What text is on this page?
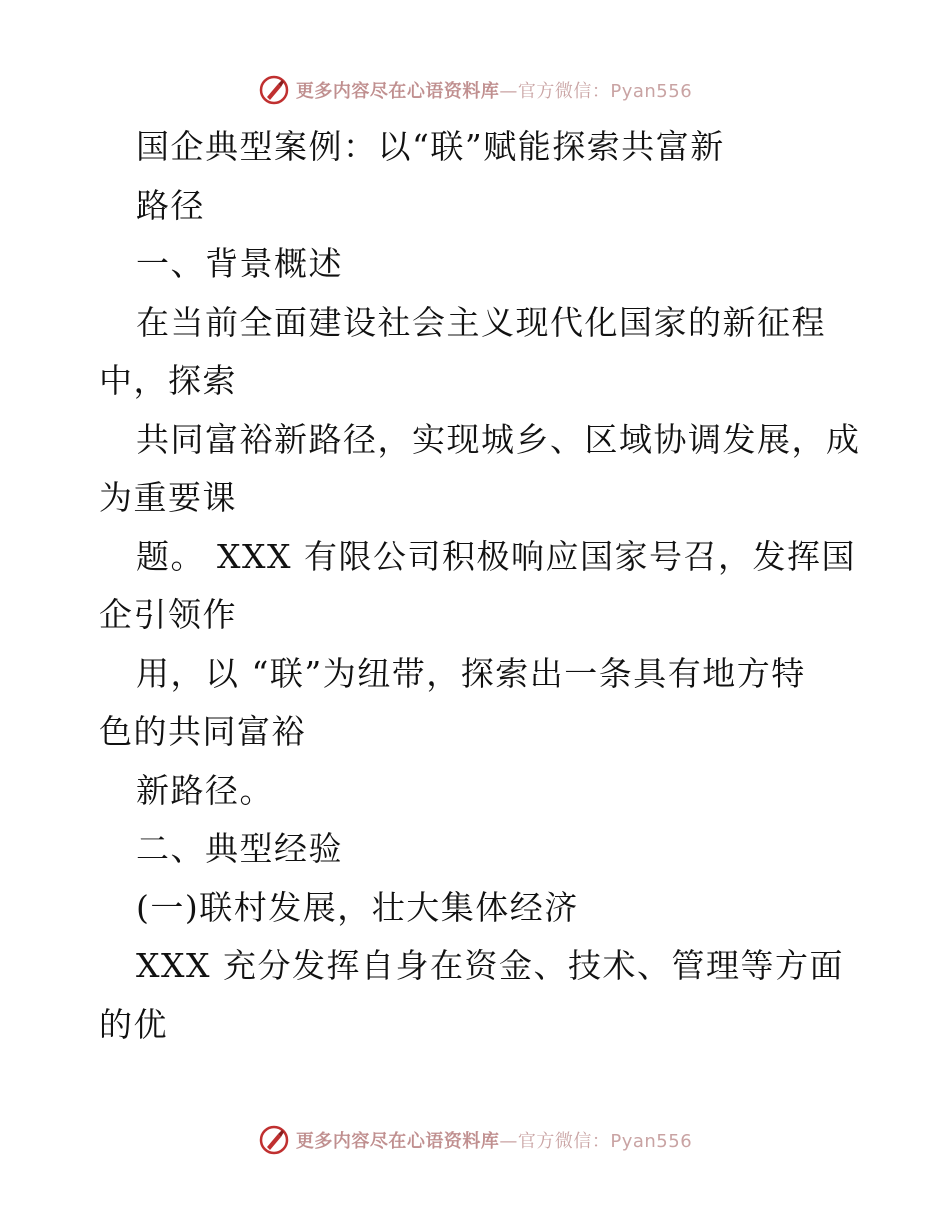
更多内容尽在心语资料库—官方微信：Pyan556
国企典型案例：以“联”赋能探索共富新
路径
一、背景概述
在当前全面建设社会主义现代化国家的新征程
中，探索
共同富裕新路径，实现城乡、区域协调发展，成
为重要课
题。 XXX 有限公司积极响应国家号召，发挥国
企引领作
用，以 “联”为纽带，探索出一条具有地方特
色的共同富裕
新路径。
二、典型经验
(一)联村发展，壮大集体经济
XXX 充分发挥自身在资金、技术、管理等方面
的优
更多内容尽在心语资料库—官方微信：Pyan556
